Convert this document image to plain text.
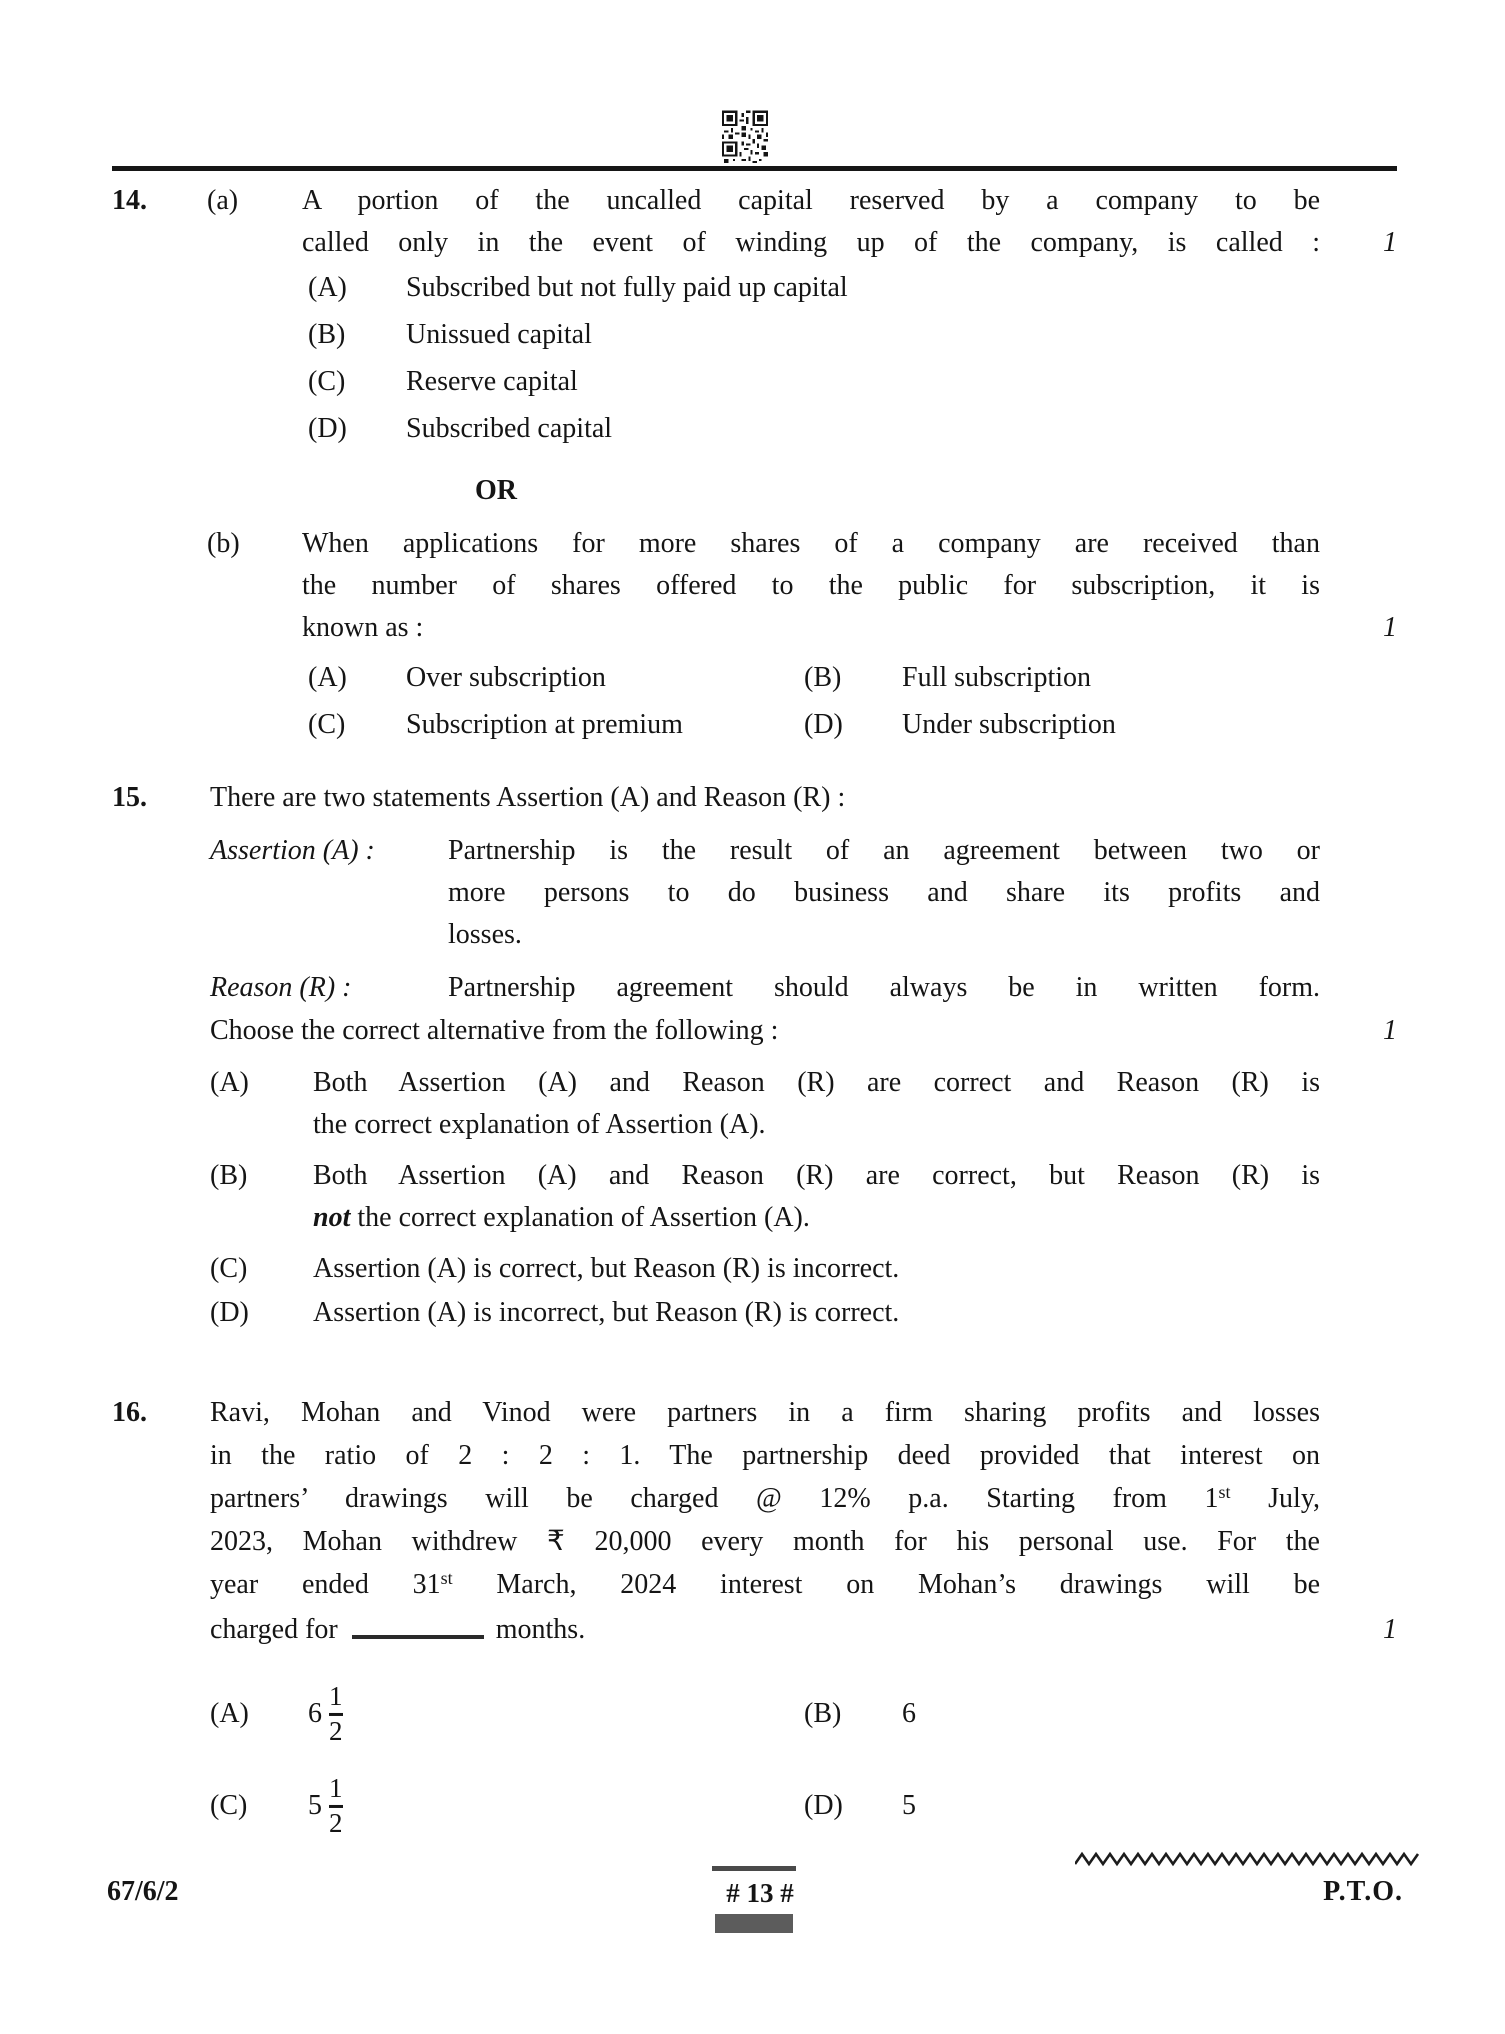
14. (a) A portion of the uncalled capital reserved by a company to be
called only in the event of winding up of the company, is called : 1
(A) Subscribed but not fully paid up capital
(B) Unissued capital
(C) Reserve capital
(D) Subscribed capital
OR
(b) When applications for more shares of a company are received than
the number of shares offered to the public for subscription, it is
known as :	1
(A) Over subscription	(B) Full subscription
(C) Subscription at premium	(D) Under subscription
15. There are two statements Assertion (A) and Reason (R) :
Assertion (A) :	Partnership is the result of an agreement between two or
more persons to do business and share its profits and
losses.
Reason (R) :	Partnership agreement should always be in written form.
Choose the correct alternative from the following :	1
(A) Both Assertion (A) and Reason (R) are correct and Reason (R) is
the correct explanation of Assertion (A).
(B) Both Assertion (A) and Reason (R) are correct, but Reason (R) is
not the correct explanation of Assertion (A).
(C) Assertion (A) is correct, but Reason (R) is incorrect.
(D) Assertion (A) is incorrect, but Reason (R) is correct.
16. Ravi, Mohan and Vinod were partners in a firm sharing profits and losses
in the ratio of 2 : 2 : 1. The partnership deed provided that interest on
partners’ drawings will be charged @ 12% p.a. Starting from 1st July,
2023, Mohan withdrew ₹ 20,000 every month for his personal use. For the
year ended 31st March, 2024 interest on Mohan’s drawings will be
charged for	months.	1
(A) $6 \frac{1}{2}$	(B) 6
(C) $5 \frac{1}{2}$	(D) 5
67/6/2	# 13 #	P.T.O.
